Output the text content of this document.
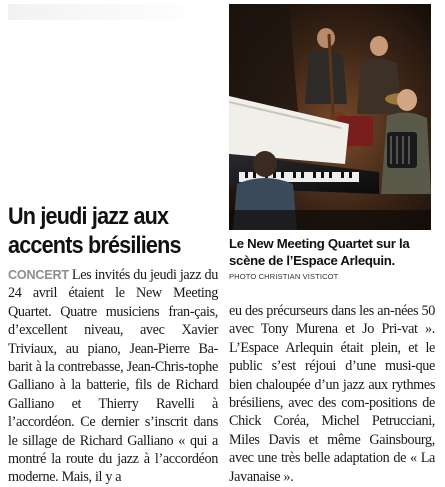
Un jeudi jazz aux accents brésiliens

CONCERT Les invités du jeudi jazz du 24 avril étaient le New Meeting Quartet. Quatre musiciens fran-çais, d’excellent niveau, avec Xavier Triviaux, au piano, Jean-Pierre Ba-barit à la contrebasse, Jean-Chris-tophe Galliano à la batterie, fils de Richard Galliano et Thierry Ravelli à l’accordéon. Ce dernier s’inscrit dans le sillage de Richard Galliano « qui a montré la route du jazz à l’accordéon moderne. Mais, il y a

Le New Meeting Quartet sur la scène de l’Espace Arlequin.

PHOTO CHRISTIAN VISTICOT

eu des précurseurs dans les an-nées 50 avec Tony Murena et Jo Pri-vat ». L’Espace Arlequin était plein, et le public s’est réjoui d’une musi-que bien chaloupée d’un jazz aux rythmes brésiliens, avec des com-positions de Chick Coréa, Michel Petrucciani, Miles Davis et même Gainsbourg, avec une très belle adaptation de « La Javanaise ».
